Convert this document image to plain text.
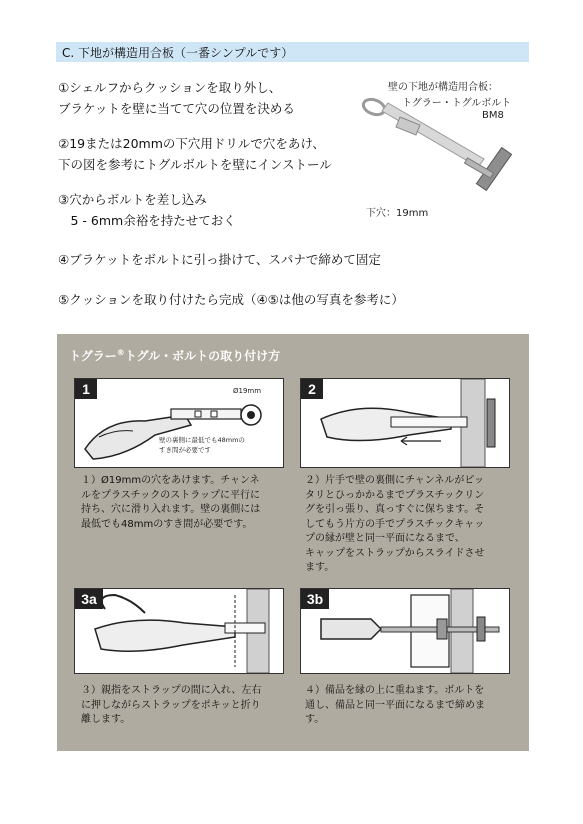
C. 下地が構造用合板（一番シンプルです）
①シェルフからクッションを取り外し、
ブラケットを壁に当てて穴の位置を決める
②19または20mmの下穴用ドリルで穴をあけ、
下の図を参考にトグルボルトを壁にインストール
③穴からボルトを差し込み
　5 - 6mm余裕を持たせておく
④ブラケットをボルトに引っ掛けて、スパナで締めて固定
⑤クッションを取り付けたら完成（④⑤は他の写真を参考に）
壁の下地が構造用合板：
トグラー・トグルボルト
BM8
下穴：19mm
トグラー®トグル・ボルトの取り付け方
1	Ø19mm
壁の裏側に最低でも48mmの
すき間が必要です
2
１）Ø19mmの穴をあけます。チャンネ
ルをプラスチックのストラップに平行に
持ち、穴に滑り入れます。壁の裏側には
最低でも48mmのすき間が必要です。
２）片手で壁の裏側にチャンネルがピッ
タリとひっかかるまでプラスチックリン
グを引っ張り、真っすぐに保ちます。そ
してもう片方の手でプラスチックキャッ
プの縁が壁と同一平面になるまで、
キャップをストラップからスライドさせ
ます。
3a	3b
３）親指をストラップの間に入れ、左右
に押しながらストラップをポキッと折り
離します。
４）備品を縁の上に重ねます。ボルトを
通し、備品と同一平面になるまで締めま
す。
